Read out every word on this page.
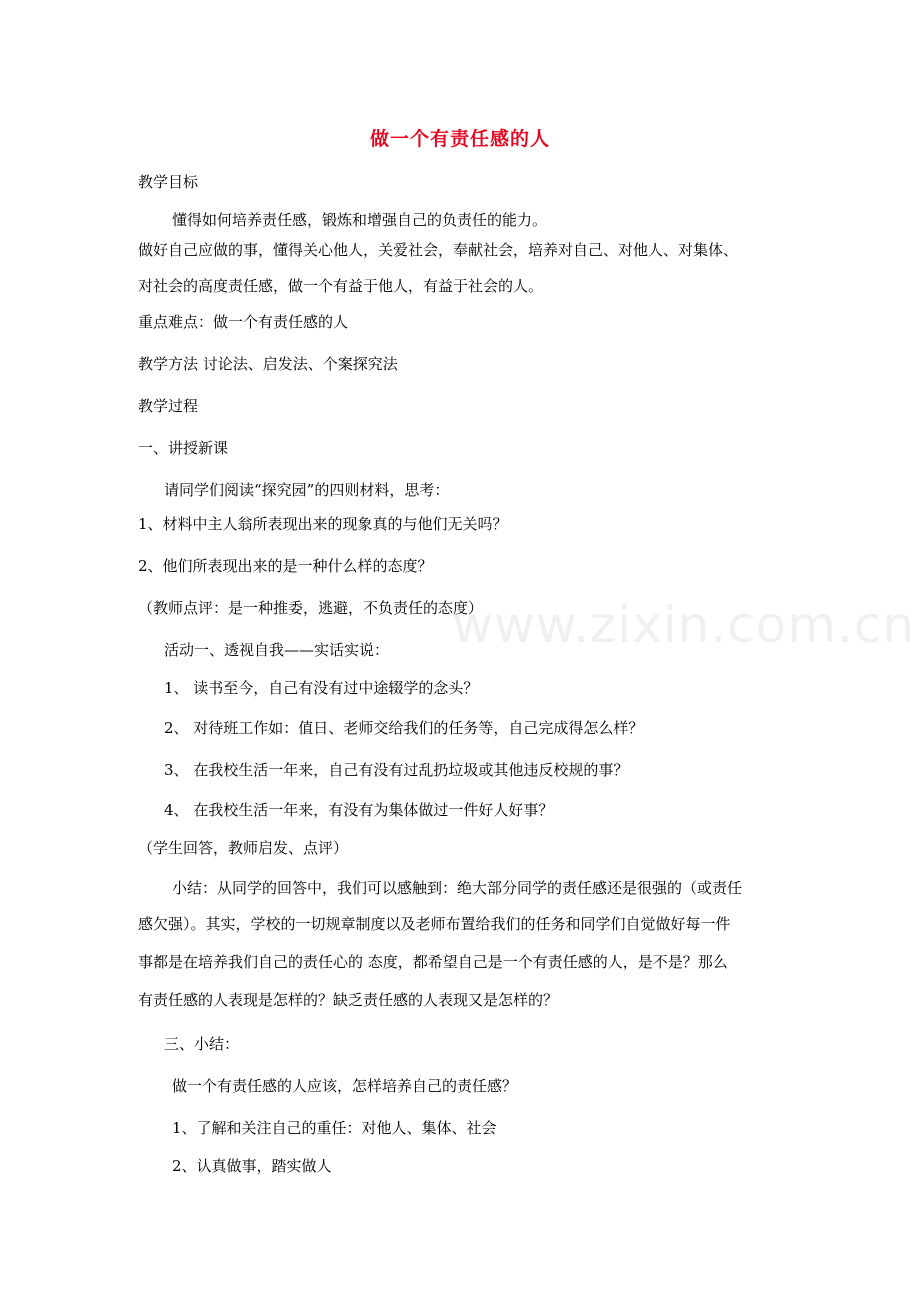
做一个有责任感的人
教学目标
懂得如何培养责任感，锻炼和增强自己的负责任的能力。
做好自己应做的事，懂得关心他人，关爱社会，奉献社会，培养对自己、对他人、对集体、
对社会的高度责任感，做一个有益于他人，有益于社会的人。
重点难点：做一个有责任感的人
教学方法 讨论法、启发法、个案探究法
教学过程
一、讲授新课
请同学们阅读“探究园”的四则材料，思考：
1、材料中主人翁所表现出来的现象真的与他们无关吗？
2、他们所表现出来的是一种什么样的态度？
（教师点评：是一种推委，逃避，不负责任的态度）
活动一、透视自我——实话实说：
1、 读书至今，自己有没有过中途辍学的念头？
2、 对待班工作如：值日、老师交给我们的任务等，自己完成得怎么样？
3、 在我校生活一年来，自己有没有过乱扔垃圾或其他违反校规的事？
4、 在我校生活一年来，有没有为集体做过一件好人好事？
（学生回答，教师启发、点评）
小结：从同学的回答中，我们可以感触到：绝大部分同学的责任感还是很强的（或责任
感欠强）。其实，学校的一切规章制度以及老师布置给我们的任务和同学们自觉做好每一件
事都是在培养我们自己的责任心的 态度，都希望自己是一个有责任感的人，是不是？那么
有责任感的人表现是怎样的？缺乏责任感的人表现又是怎样的？
三、小结：
做一个有责任感的人应该，怎样培养自己的责任感？
1、了解和关注自己的重任：对他人、集体、社会
2、认真做事，踏实做人
www.zixin.com.cn
